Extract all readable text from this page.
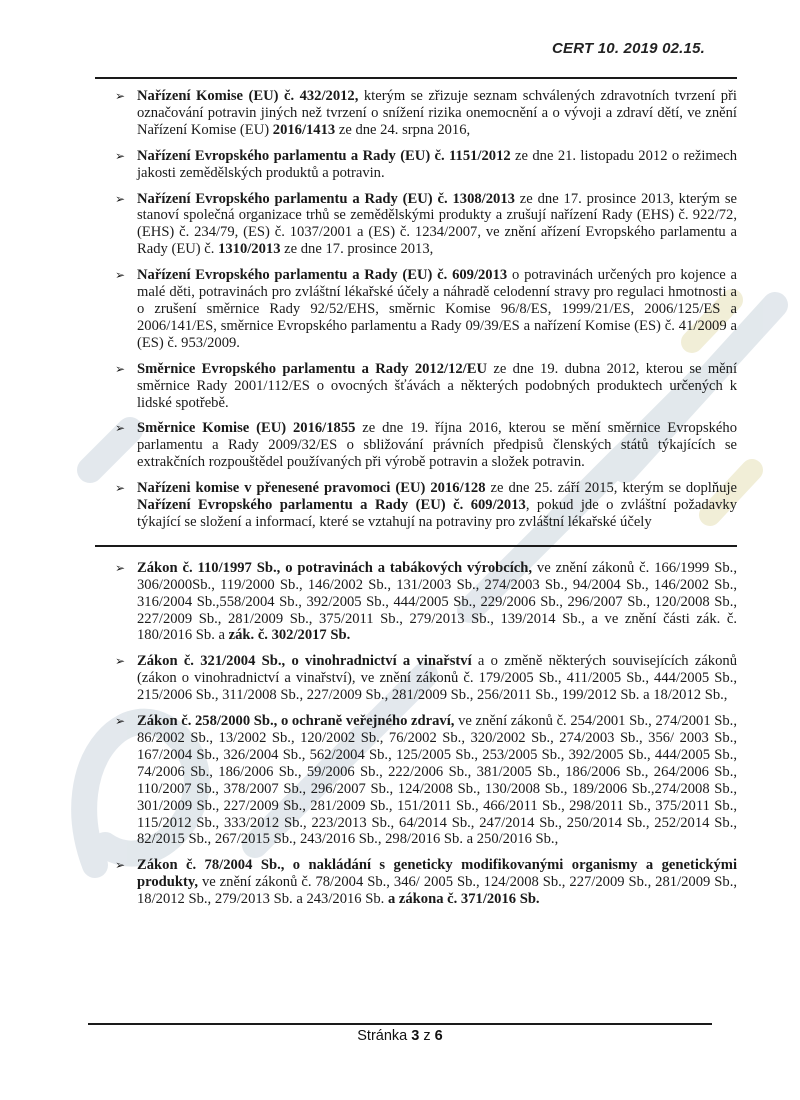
CERT 10. 2019 02.15.
➢ Nařízení Komise (EU) č. 432/2012, kterým se zřizuje seznam schválených zdravotních tvrzení při označování potravin jiných než tvrzení o snížení rizika onemocnění a o vývoji a zdraví dětí, ve znění Nařízení Komise (EU) 2016/1413 ze dne 24. srpna 2016,
➢ Nařízení Evropského parlamentu a Rady (EU) č. 1151/2012 ze dne 21. listopadu 2012 o režimech jakosti zemědělských produktů a potravin.
➢ Nařízení Evropského parlamentu a Rady (EU) č. 1308/2013 ze dne 17. prosince 2013, kterým se stanoví společná organizace trhů se zemědělskými produkty a zrušují nařízení Rady (EHS) č. 922/72, (EHS) č. 234/79, (ES) č. 1037/2001 a (ES) č. 1234/2007, ve znění ařízení Evropského parlamentu a Rady (EU) č. 1310/2013 ze dne 17. prosince 2013,
➢ Nařízení Evropského parlamentu a Rady (EU) č. 609/2013 o potravinách určených pro kojence a malé děti, potravinách pro zvláštní lékařské účely a náhradě celodenní stravy pro regulaci hmotnosti a o zrušení směrnice Rady 92/52/EHS, směrnic Komise 96/8/ES, 1999/21/ES, 2006/125/ES a 2006/141/ES, směrnice Evropského parlamentu a Rady 09/39/ES a nařízení Komise (ES) č. 41/2009 a (ES) č. 953/2009.
➢ Směrnice Evropského parlamentu a Rady 2012/12/EU ze dne 19. dubna 2012, kterou se mění směrnice Rady 2001/112/ES o ovocných šťávách a některých podobných produktech určených k lidské spotřebě.
➢ Směrnice Komise (EU) 2016/1855 ze dne 19. října 2016, kterou se mění směrnice Evropského parlamentu a Rady 2009/32/ES o sbližování právních předpisů členských států týkajících se extrakčních rozpouštědel používaných při výrobě potravin a složek potravin.
➢ Nařízeni komise v přenesené pravomoci (EU) 2016/128 ze dne 25. září 2015, kterým se doplňuje Nařízení Evropského parlamentu a Rady (EU) č. 609/2013, pokud jde o zvláštní požadavky týkající se složení a informací, které se vztahují na potraviny pro zvláštní lékařské účely
➢ Zákon č. 110/1997 Sb., o potravinách a tabákových výrobcích, ve znění zákonů č. 166/1999 Sb., 306/2000Sb., 119/2000 Sb., 146/2002 Sb., 131/2003 Sb., 274/2003 Sb., 94/2004 Sb., 146/2002 Sb., 316/2004 Sb.,558/2004 Sb., 392/2005 Sb., 444/2005 Sb., 229/2006 Sb., 296/2007 Sb., 120/2008 Sb., 227/2009 Sb., 281/2009 Sb., 375/2011 Sb., 279/2013 Sb., 139/2014 Sb., a ve znění části zák. č. 180/2016 Sb. a zák. č. 302/2017 Sb.
➢ Zákon č. 321/2004 Sb., o vinohradnictví a vinařství a o změně některých souvisejících zákonů (zákon o vinohradnictví a vinařství), ve znění zákonů č. 179/2005 Sb., 411/2005 Sb., 444/2005 Sb., 215/2006 Sb., 311/2008 Sb., 227/2009 Sb., 281/2009 Sb., 256/2011 Sb., 199/2012 Sb. a 18/2012 Sb.,
➢ Zákon č. 258/2000 Sb., o ochraně veřejného zdraví, ve znění zákonů č. 254/2001 Sb., 274/2001 Sb., 86/2002 Sb., 13/2002 Sb., 120/2002 Sb., 76/2002 Sb., 320/2002 Sb., 274/2003 Sb., 356/ 2003 Sb., 167/2004 Sb., 326/2004 Sb., 562/2004 Sb., 125/2005 Sb., 253/2005 Sb., 392/2005 Sb., 444/2005 Sb., 74/2006 Sb., 186/2006 Sb., 59/2006 Sb., 222/2006 Sb., 381/2005 Sb., 186/2006 Sb., 264/2006 Sb., 110/2007 Sb., 378/2007 Sb., 296/2007 Sb., 124/2008 Sb., 130/2008 Sb., 189/2006 Sb.,274/2008 Sb., 301/2009 Sb., 227/2009 Sb., 281/2009 Sb., 151/2011 Sb., 466/2011 Sb., 298/2011 Sb., 375/2011 Sb., 115/2012 Sb., 333/2012 Sb., 223/2013 Sb., 64/2014 Sb., 247/2014 Sb., 250/2014 Sb., 252/2014 Sb., 82/2015 Sb., 267/2015 Sb., 243/2016 Sb., 298/2016 Sb. a 250/2016 Sb.,
➢ Zákon č. 78/2004 Sb., o nakládání s geneticky modifikovanými organismy a genetickými produkty, ve znění zákonů č. 78/2004 Sb., 346/ 2005 Sb., 124/2008 Sb., 227/2009 Sb., 281/2009 Sb., 18/2012 Sb., 279/2013 Sb. a 243/2016 Sb. a zákona č. 371/2016 Sb.
Stránka 3 z 6
